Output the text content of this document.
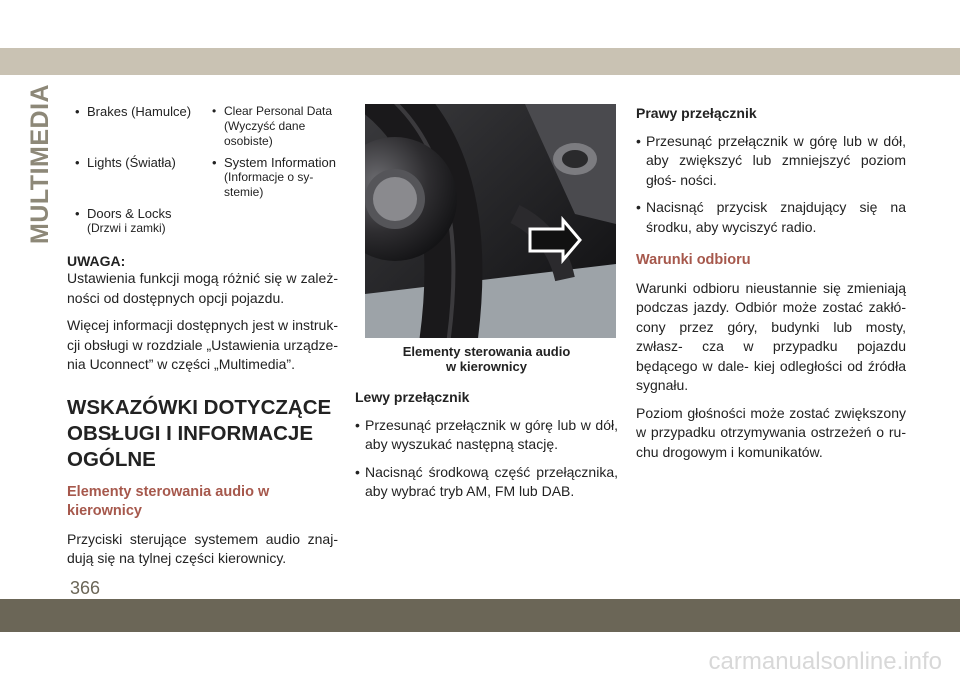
MULTIMEDIA	• Brakes (Hamulce)	• Clear Personal Data
(Wyczyść dane osobiste)
• Lights (Światła)	• System Information
(Informacje o sy- stemie)
• Doors & Locks
(Drzwi i zamki)
UWAGA:

Ustawienia funkcji mogą różnić się w zależ- ności od dostępnych opcji pojazdu.

Więcej informacji dostępnych jest w instruk- cji obsługi w rozdziale „Ustawienia urządze- nia Uconnect” w części „Multimedia”.

WSKAZÓWKI DOTYCZĄCE OBSŁUGI I INFORMACJE OGÓLNE
Elementy sterowania audio w kierownicy

Przyciski sterujące systemem audio znaj- dują się na tylnej części kierownicy.

Elementy sterowania audio
w kierownicy

Lewy przełącznik

• Przesunąć przełącznik w górę lub w dół, aby wyszukać następną stację.

• Nacisnąć środkową część przełącznika, aby wybrać tryb AM, FM lub DAB.

Prawy przełącznik

• Przesunąć przełącznik w górę lub w dół, aby zwiększyć lub zmniejszyć poziom głoś- ności.

• Nacisnąć przycisk znajdujący się na środku, aby wyciszyć radio.

Warunki odbioru

Warunki odbioru nieustannie się zmieniają podczas jazdy. Odbiór może zostać zakłó- cony przez góry, budynki lub mosty, zwłasz- cza w przypadku pojazdu będącego w dale- kiej odległości od źródła sygnału.

Poziom głośności może zostać zwiększony w przypadku otrzymywania ostrzeżeń o ru- chu drogowym i komunikatów.

366
carmanualsonline.info
